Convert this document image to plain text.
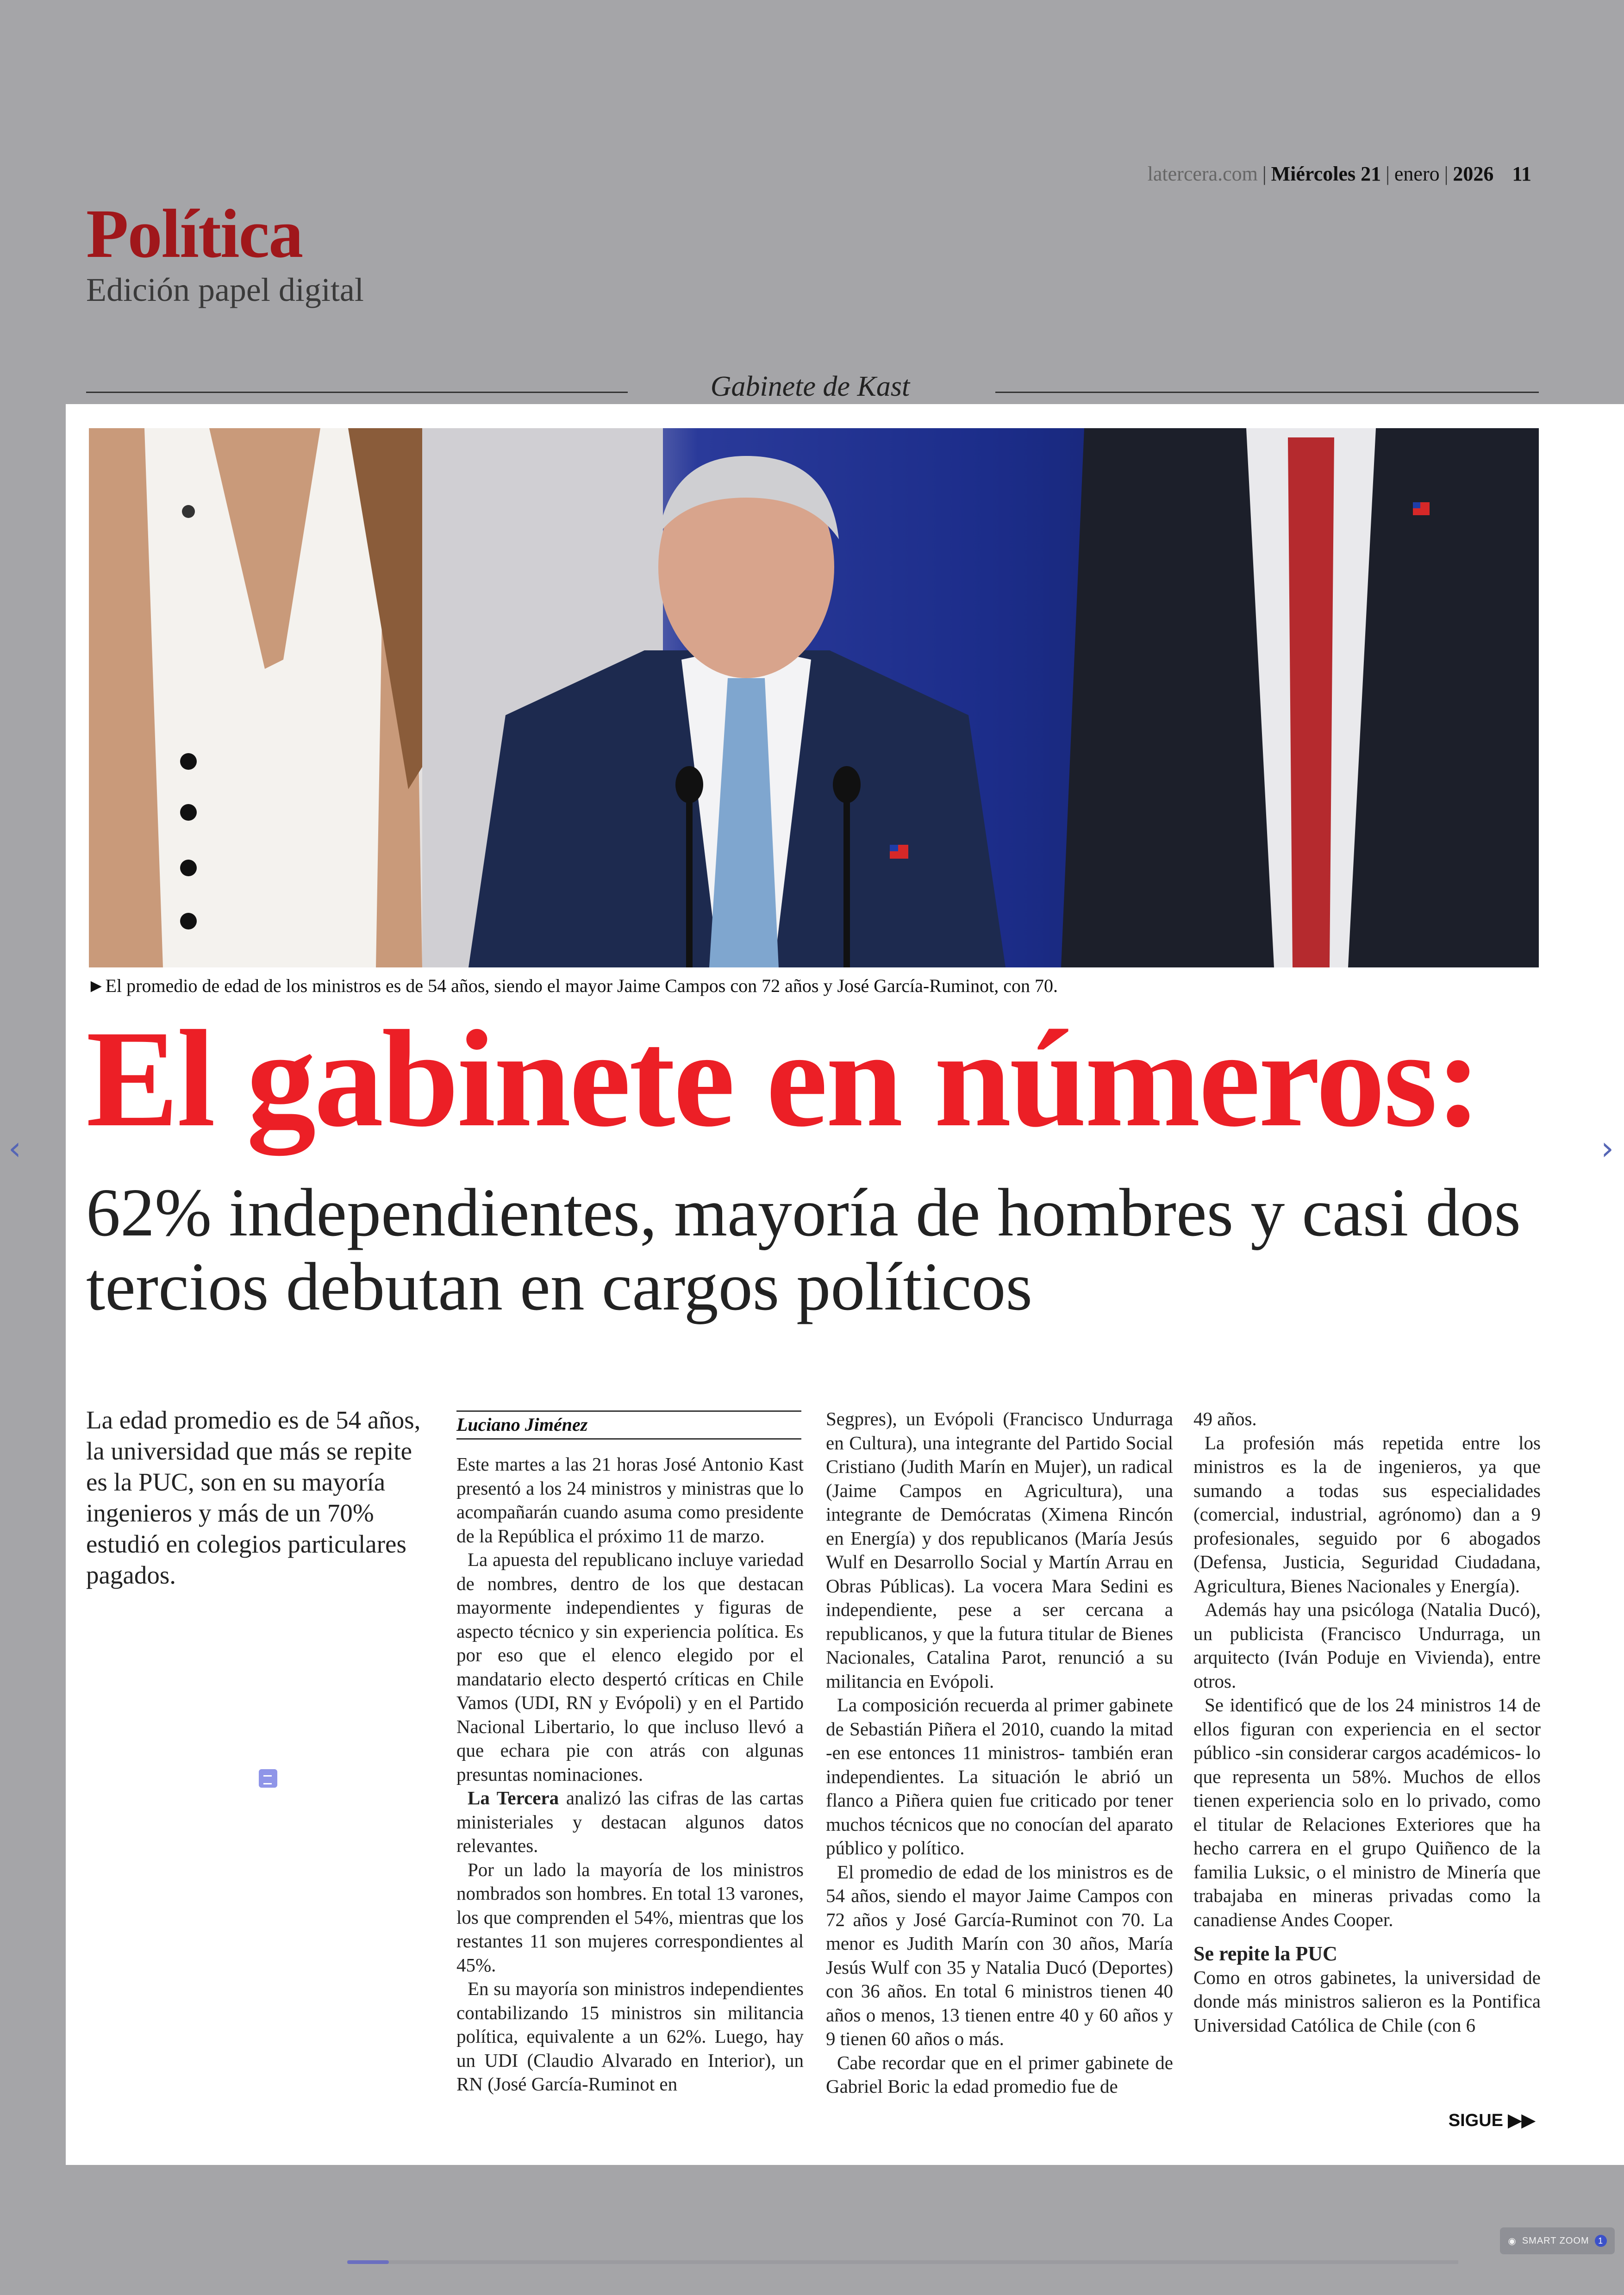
latercera.com | Miércoles 21 | enero | 2026 11
Política
Edición papel digital
Gabinete de Kast
►El promedio de edad de los ministros es de 54 años, siendo el mayor Jaime Campos con 72 años y José García-Ruminot, con 70.
El gabinete en números:
62% independientes, mayoría de hombres y casi dos tercios debutan en cargos políticos
La edad promedio es de 54 años, la universidad que más se repite es la PUC, son en su mayoría ingenieros y más de un 70% estudió en colegios particulares pagados.
Luciano Jiménez

Este martes a las 21 horas José Antonio Kast presentó a los 24 ministros y ministras que lo acompañarán cuando asuma como presidente de la República el próximo 11 de marzo.

La apuesta del republicano incluye variedad de nombres, dentro de los que destacan mayormente independientes y figuras de aspecto técnico y sin experiencia política. Es por eso que el elenco elegido por el mandatario electo despertó críticas en Chile Vamos (UDI, RN y Evópoli) y en el Partido Nacional Libertario, lo que incluso llevó a que echara pie con atrás con algunas presuntas nominaciones.

La Tercera analizó las cifras de las cartas ministeriales y destacan algunos datos relevantes.

Por un lado la mayoría de los ministros nombrados son hombres. En total 13 varones, los que comprenden el 54%, mientras que los restantes 11 son mujeres correspondientes al 45%.

En su mayoría son ministros independientes contabilizando 15 ministros sin militancia política, equivalente a un 62%. Luego, hay un UDI (Claudio Alvarado en Interior), un RN (José García-Ruminot en

Segpres), un Evópoli (Francisco Undurraga en Cultura), una integrante del Partido Social Cristiano (Judith Marín en Mujer), un radical (Jaime Campos en Agricultura), una integrante de Demócratas (Ximena Rincón en Energía) y dos republicanos (María Jesús Wulf en Desarrollo Social y Martín Arrau en Obras Públicas). La vocera Mara Sedini es independiente, pese a ser cercana a republicanos, y que la futura titular de Bienes Nacionales, Catalina Parot, renunció a su militancia en Evópoli.

La composición recuerda al primer gabinete de Sebastián Piñera el 2010, cuando la mitad -en ese entonces 11 ministros- también eran independientes. La situación le abrió un flanco a Piñera quien fue criticado por tener muchos técnicos que no conocían del aparato público y político.

El promedio de edad de los ministros es de 54 años, siendo el mayor Jaime Campos con 72 años y José García-Ruminot con 70. La menor es Judith Marín con 30 años, María Jesús Wulf con 35 y Natalia Ducó (Deportes) con 36 años. En total 6 ministros tienen 40 años o menos, 13 tienen entre 40 y 60 años y 9 tienen 60 años o más.

Cabe recordar que en el primer gabinete de Gabriel Boric la edad promedio fue de

49 años.

La profesión más repetida entre los ministros es la de ingenieros, ya que sumando a todas sus especialidades (comercial, industrial, agrónomo) dan a 9 profesionales, seguido por 6 abogados (Defensa, Justicia, Seguridad Ciudadana, Agricultura, Bienes Nacionales y Energía).

Además hay una psicóloga (Natalia Ducó), un publicista (Francisco Undurraga, un arquitecto (Iván Poduje en Vivienda), entre otros.

Se identificó que de los 24 ministros 14 de ellos figuran con experiencia en el sector público -sin considerar cargos académicos- lo que representa un 58%. Muchos de ellos tienen experiencia solo en lo privado, como el titular de Relaciones Exteriores que ha hecho carrera en el grupo Quiñenco de la familia Luksic, o el ministro de Minería que trabajaba en mineras privadas como la canadiense Andes Cooper.

Se repite la PUC

Como en otros gabinetes, la universidad de donde más ministros salieron es la Pontifica Universidad Católica de Chile (con 6

SIGUE ▶▶
‹	›
◉ SMART ZOOM	1
